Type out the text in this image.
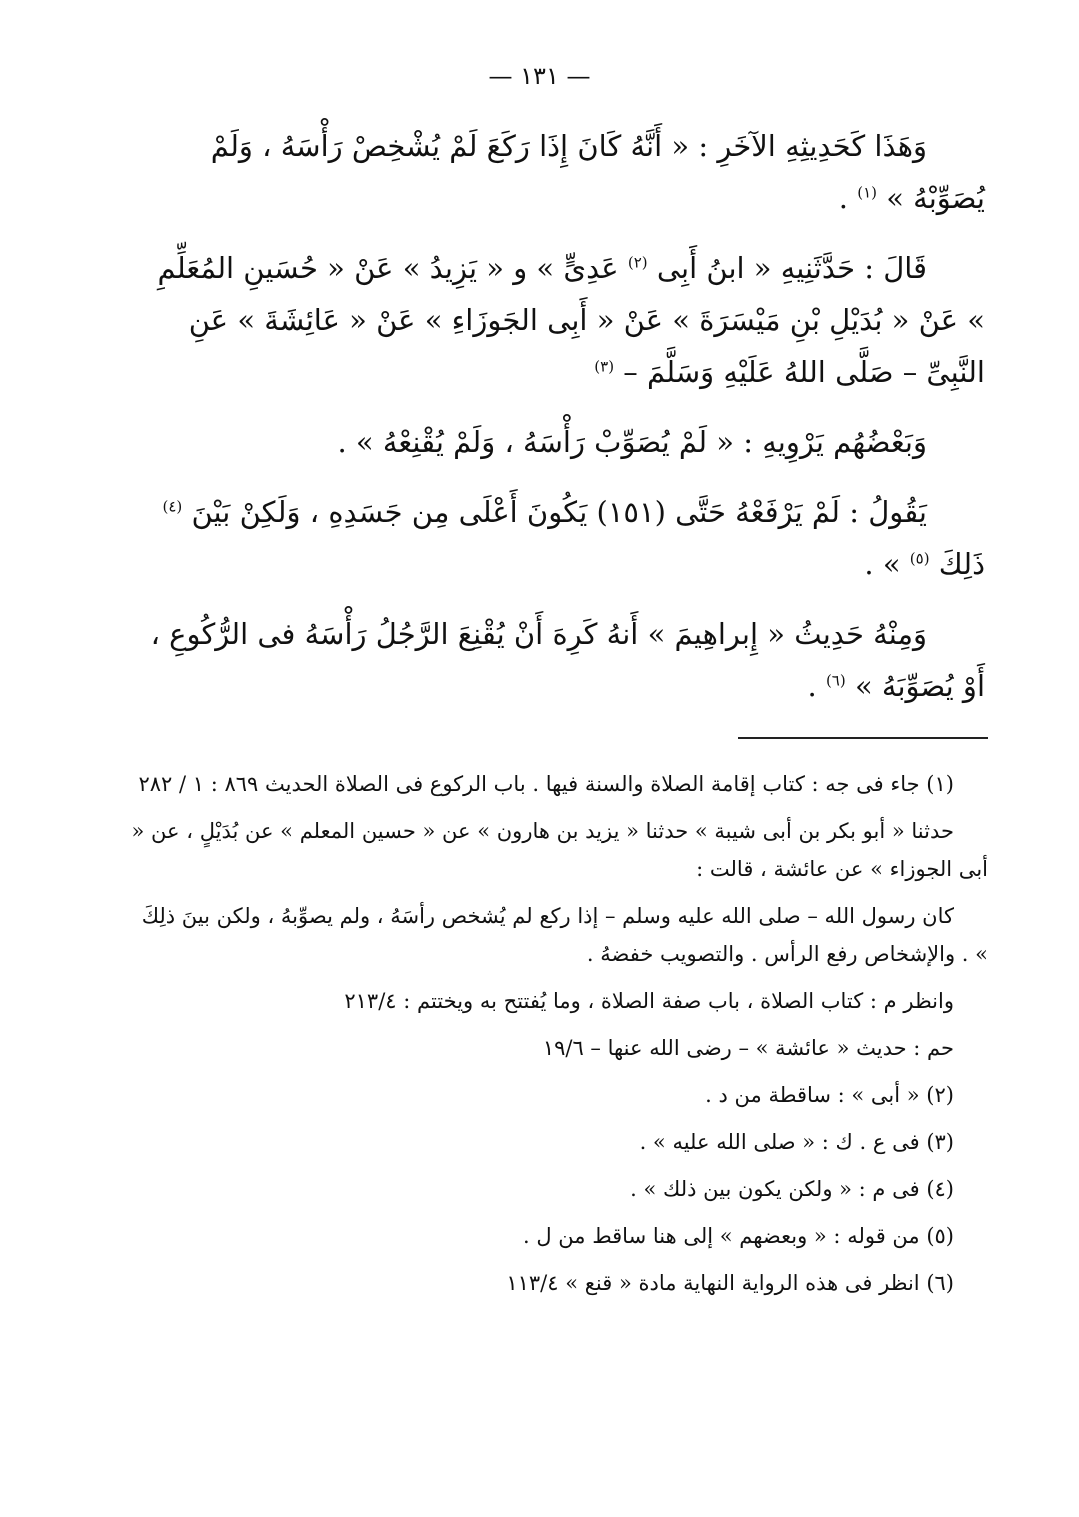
— ١٣١ —

وَهَذَا كَحَدِيثِهِ الآخَرِ : « أَنَّهُ كَانَ إِذَا رَكَعَ لَمْ يُشْخِصْ رَأْسَهُ ، وَلَمْ يُصَوِّبْهُ » $^{(١)}$ .

قَالَ : حَدَّثَنِيهِ « ابنُ أَبِى $^{(٢)}$ عَدِىٍّ » و « يَزِيدُ » عَنْ « حُسَينِ المُعَلِّمِ » عَنْ « بُدَيْلِ بْنِ مَيْسَرَةَ » عَنْ « أَبِى الجَوزَاءِ » عَنْ « عَائِشَةَ » عَنِ النَّبِىِّ – صَلَّى اللهُ عَلَيْهِ وَسَلَّمَ – $^{(٣)}$

وَبَعْضُهُم يَرْوِيهِ : « لَمْ يُصَوِّبْ رَأْسَهُ ، وَلَمْ يُقْنِعْهُ » .

يَقُولُ : لَمْ يَرْفَعْهُ حَتَّى (١٥١) يَكُونَ أَعْلَى مِن جَسَدِهِ ، وَلَكِنْ بَيْنَ $^{(٤)}$ ذَلِكَ $^{(٥)}$ » .

وَمِنْهُ حَدِيثُ « إِبراهِيمَ » أَنهُ كَرِهَ أَنْ يُقْنِعَ الرَّجُلُ رَأْسَهُ فى الرُّكُوعِ ، أَوْ يُصَوِّبَهُ » $^{(٦)}$ .

(١) جاء فى جه : كتاب إقامة الصلاة والسنة فيها . باب الركوع فى الصلاة الحديث ٨٦٩ : ١ / ٢٨٢

حدثنا « أبو بكر بن أبى شيبة » حدثنا « يزيد بن هارون » عن « حسين المعلم » عن بُدَيْلٍ ، عن « أبى الجوزاء » عن عائشة ، قالت :

كان رسول الله – صلى الله عليه وسلم – إذا ركع لم يُشخص رأسَهُ ، ولم يصوِّبهُ ، ولكن بينَ ذلِكَ » . والإشخاص رفع الرأس . والتصويب خفضهُ .

وانظر م : كتاب الصلاة ، باب صفة الصلاة ، وما يُفتتح به ويختتم : ٢١٣/٤

حم : حديث « عائشة » – رضى الله عنها – ١٩/٦

(٢) « أبى » : ساقطة من د .

(٣) فى ع . ك : « صلى الله عليه » .

(٤) فى م : « ولكن يكون بين ذلك » .

(٥) من قوله : « وبعضهم » إلى هنا ساقط من ل .

(٦) انظر فى هذه الرواية النهاية مادة « قنع » ١١٣/٤
